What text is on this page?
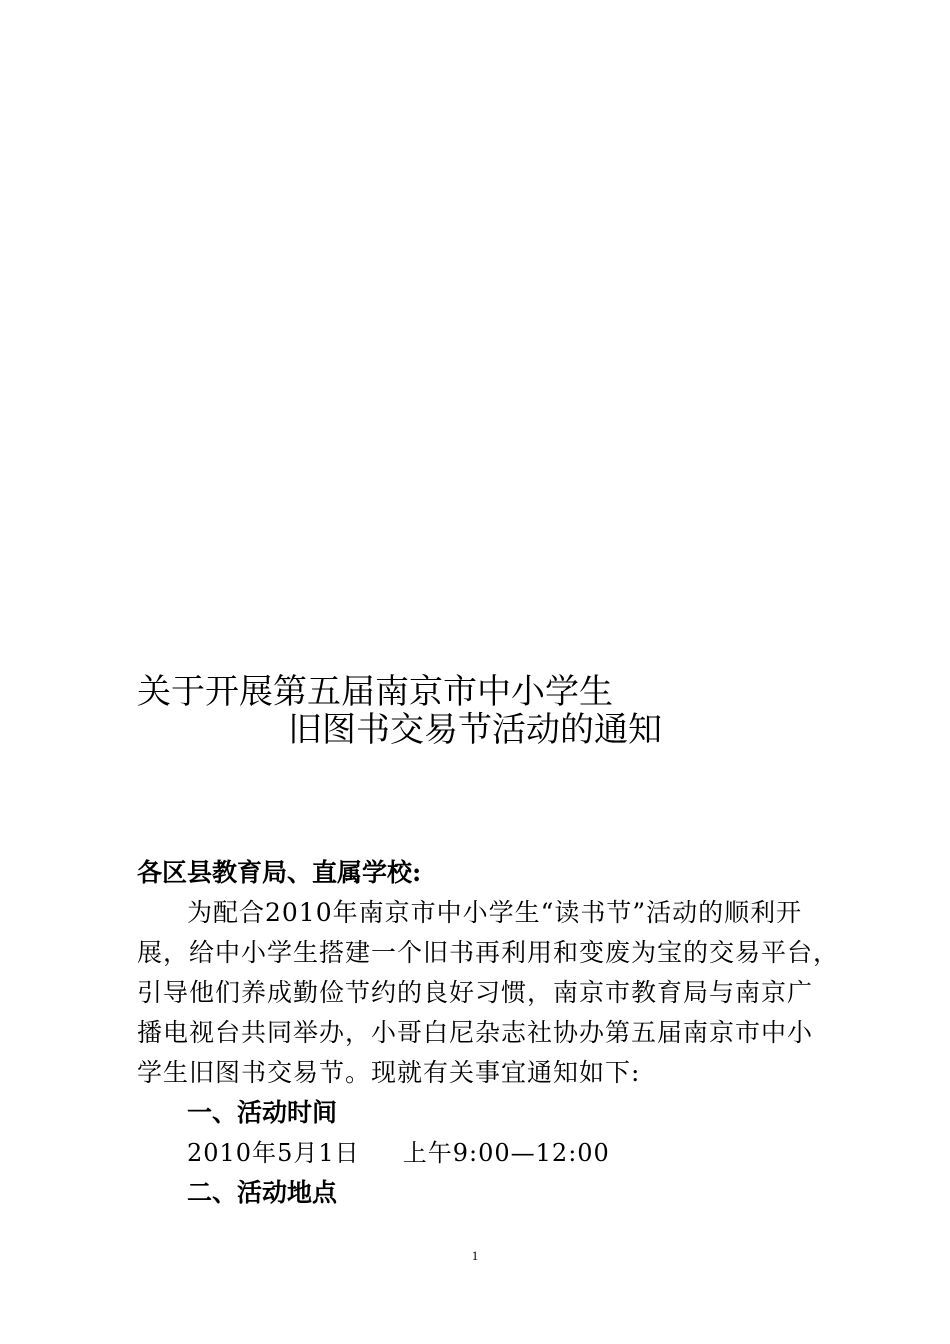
关于开展第五届南京市中小学生
旧图书交易节活动的通知
各区县教育局、直属学校:
为配合2010年南京市中小学生“读书节”活动的顺利开
展，给中小学生搭建一个旧书再利用和变废为宝的交易平台，
引导他们养成勤俭节约的良好习惯，南京市教育局与南京广
播电视台共同举办，小哥白尼杂志社协办第五届南京市中小
学生旧图书交易节。现就有关事宜通知如下:
一、活动时间
2010年5月1日     上午9:00—12:00
二、活动地点
1
